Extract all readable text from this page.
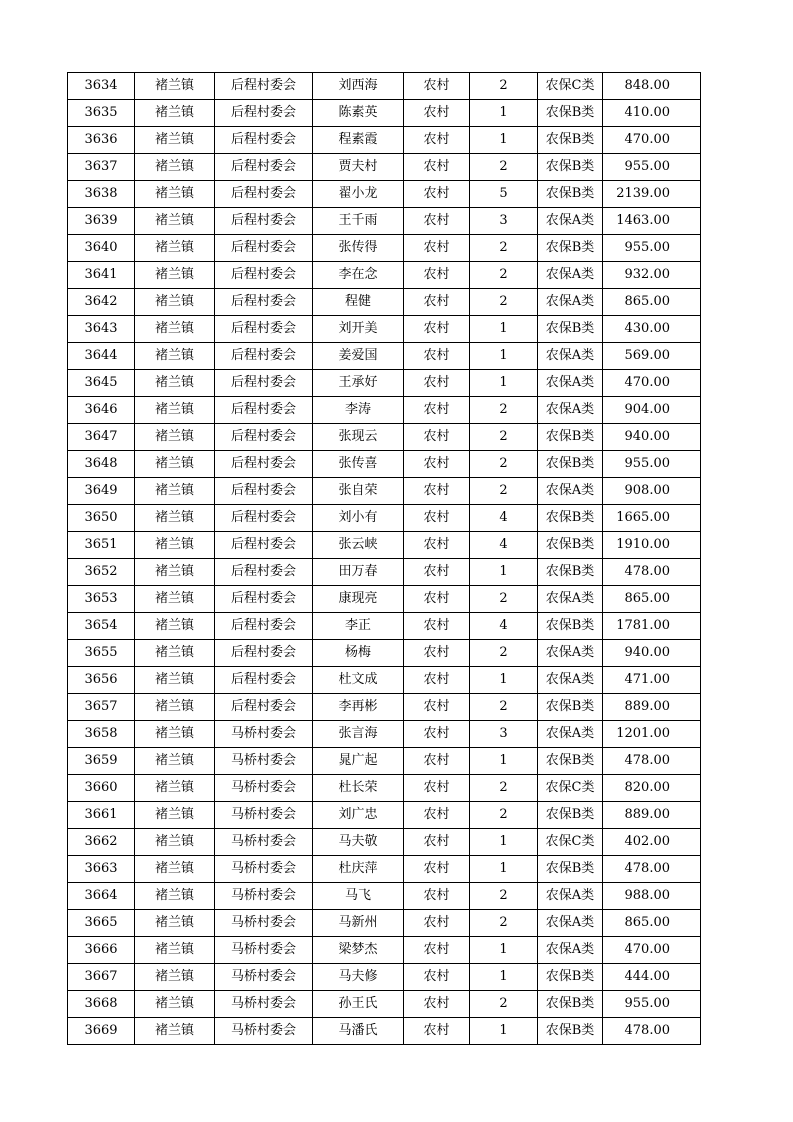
3634	褚兰镇	后程村委会	刘西海	农村	2	农保C类	848.00
3635	褚兰镇	后程村委会	陈素英	农村	1	农保B类	410.00
3636	褚兰镇	后程村委会	程素霞	农村	1	农保B类	470.00
3637	褚兰镇	后程村委会	贾夫村	农村	2	农保B类	955.00
3638	褚兰镇	后程村委会	翟小龙	农村	5	农保B类	2139.00
3639	褚兰镇	后程村委会	王千雨	农村	3	农保A类	1463.00
3640	褚兰镇	后程村委会	张传得	农村	2	农保B类	955.00
3641	褚兰镇	后程村委会	李在念	农村	2	农保A类	932.00
3642	褚兰镇	后程村委会	程健	农村	2	农保A类	865.00
3643	褚兰镇	后程村委会	刘开美	农村	1	农保B类	430.00
3644	褚兰镇	后程村委会	姜爱国	农村	1	农保A类	569.00
3645	褚兰镇	后程村委会	王承好	农村	1	农保A类	470.00
3646	褚兰镇	后程村委会	李涛	农村	2	农保A类	904.00
3647	褚兰镇	后程村委会	张现云	农村	2	农保B类	940.00
3648	褚兰镇	后程村委会	张传喜	农村	2	农保B类	955.00
3649	褚兰镇	后程村委会	张自荣	农村	2	农保A类	908.00
3650	褚兰镇	后程村委会	刘小有	农村	4	农保B类	1665.00
3651	褚兰镇	后程村委会	张云峡	农村	4	农保B类	1910.00
3652	褚兰镇	后程村委会	田万春	农村	1	农保B类	478.00
3653	褚兰镇	后程村委会	康现亮	农村	2	农保A类	865.00
3654	褚兰镇	后程村委会	李正	农村	4	农保B类	1781.00
3655	褚兰镇	后程村委会	杨梅	农村	2	农保A类	940.00
3656	褚兰镇	后程村委会	杜文成	农村	1	农保A类	471.00
3657	褚兰镇	后程村委会	李再彬	农村	2	农保B类	889.00
3658	褚兰镇	马桥村委会	张言海	农村	3	农保A类	1201.00
3659	褚兰镇	马桥村委会	晁广起	农村	1	农保B类	478.00
3660	褚兰镇	马桥村委会	杜长荣	农村	2	农保C类	820.00
3661	褚兰镇	马桥村委会	刘广忠	农村	2	农保B类	889.00
3662	褚兰镇	马桥村委会	马夫敬	农村	1	农保C类	402.00
3663	褚兰镇	马桥村委会	杜庆萍	农村	1	农保B类	478.00
3664	褚兰镇	马桥村委会	马飞	农村	2	农保A类	988.00
3665	褚兰镇	马桥村委会	马新州	农村	2	农保A类	865.00
3666	褚兰镇	马桥村委会	梁梦杰	农村	1	农保A类	470.00
3667	褚兰镇	马桥村委会	马夫修	农村	1	农保B类	444.00
3668	褚兰镇	马桥村委会	孙王氏	农村	2	农保B类	955.00
3669	褚兰镇	马桥村委会	马潘氏	农村	1	农保B类	478.00
